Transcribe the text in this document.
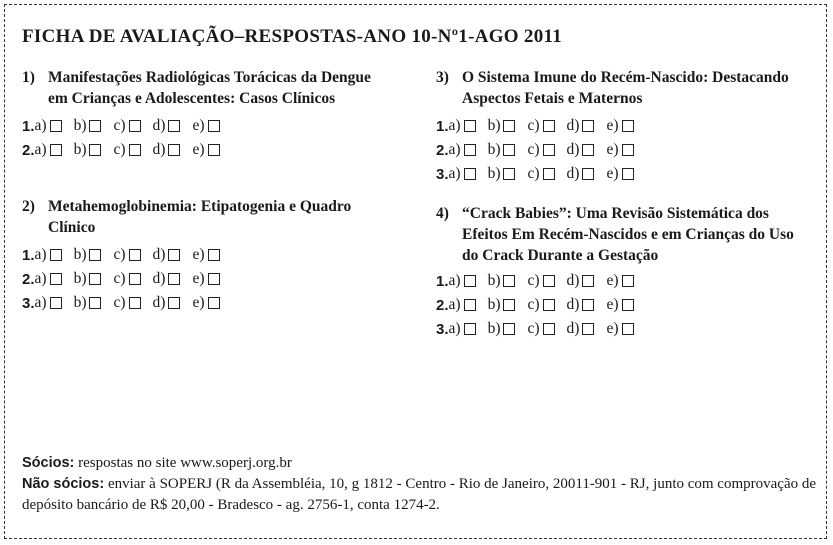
FICHA DE AVALIAÇÃO–RESPOSTAS-ANO 10-Nº1-AGO 2011
1) Manifestações Radiológicas Torácicas da Dengue em Crianças e Adolescentes: Casos Clínicos
1. a) b) c) d) e)
2. a) b) c) d) e)
2) Metahemoglobinemia: Etipatogenia e Quadro Clínico
1. a) b) c) d) e)
2. a) b) c) d) e)
3. a) b) c) d) e)
3) O Sistema Imune do Recém-Nascido: Destacando Aspectos Fetais e Maternos
1. a) b) c) d) e)
2. a) b) c) d) e)
3. a) b) c) d) e)
4) “Crack Babies”: Uma Revisão Sistemática dos Efeitos Em Recém-Nascidos e em Crianças do Uso do Crack Durante a Gestação
1. a) b) c) d) e)
2. a) b) c) d) e)
3. a) b) c) d) e)
Sócios: respostas no site www.soperj.org.br
Não sócios: enviar à SOPERJ (R da Assembléia, 10, g 1812 - Centro - Rio de Janeiro, 20011-901 - RJ, junto com comprovação de depósito bancário de R$ 20,00 - Bradesco - ag. 2756-1, conta 1274-2.
